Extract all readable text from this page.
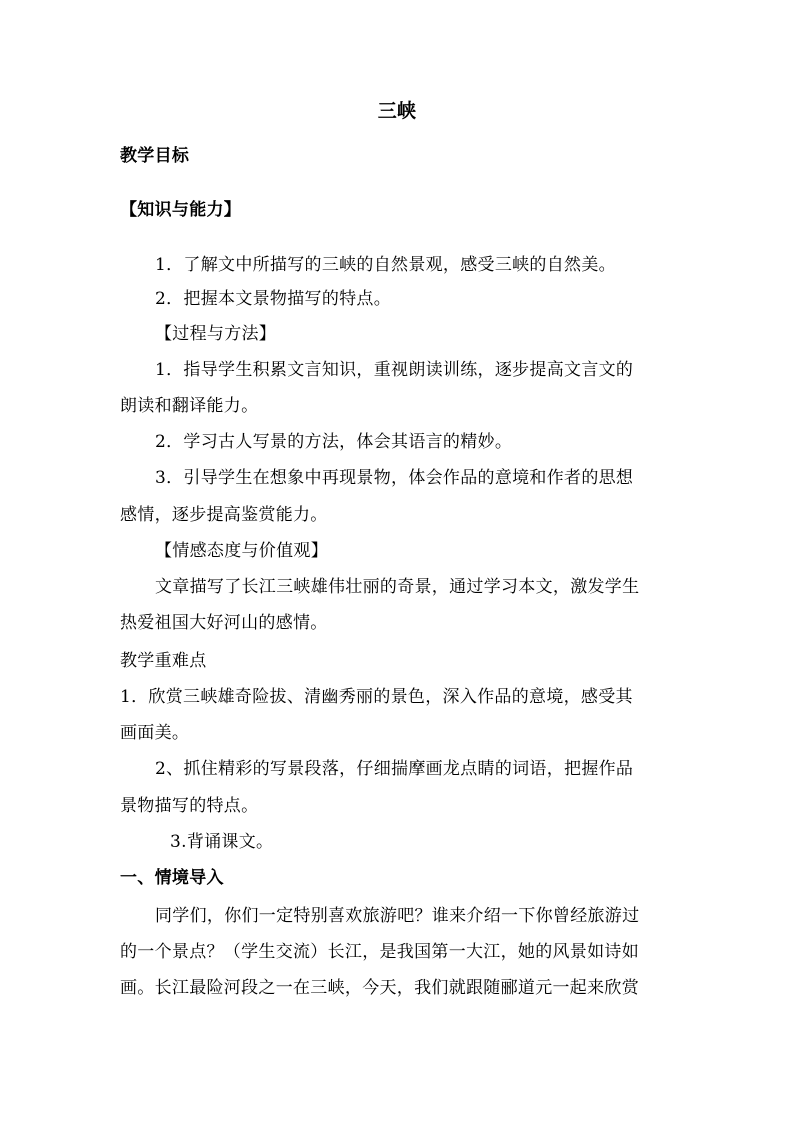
三峡
教学目标
【知识与能力】
1．了解文中所描写的三峡的自然景观，感受三峡的自然美。
2．把握本文景物描写的特点。
【过程与方法】
1．指导学生积累文言知识，重视朗读训练，逐步提高文言文的
朗读和翻译能力。
2．学习古人写景的方法，体会其语言的精妙。
3．引导学生在想象中再现景物，体会作品的意境和作者的思想
感情，逐步提高鉴赏能力。
【情感态度与价值观】
文章描写了长江三峡雄伟壮丽的奇景，通过学习本文，激发学生
热爱祖国大好河山的感情。
教学重难点
1．欣赏三峡雄奇险拔、清幽秀丽的景色，深入作品的意境，感受其
画面美。
2、抓住精彩的写景段落，仔细揣摩画龙点睛的词语，把握作品
景物描写的特点。
3.背诵课文。
一、情境导入
同学们，你们一定特别喜欢旅游吧？谁来介绍一下你曾经旅游过
的一个景点？（学生交流）长江，是我国第一大江，她的风景如诗如
画。长江最险河段之一在三峡，今天，我们就跟随郦道元一起来欣赏
